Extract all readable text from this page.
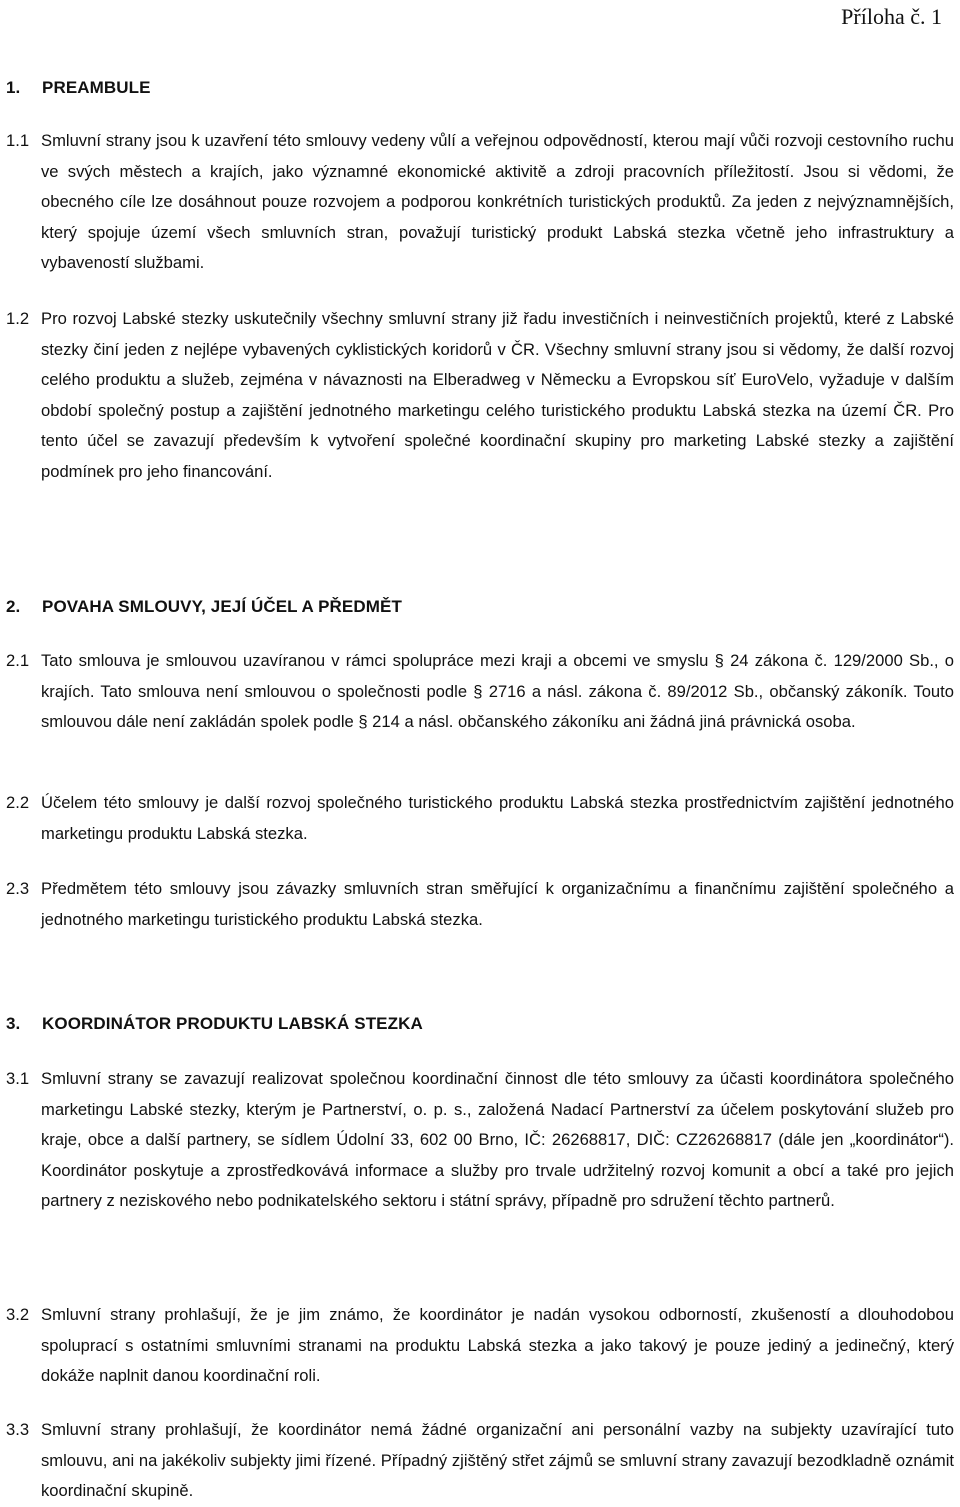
Příloha č. 1
1. PREAMBULE
1.1 Smluvní strany jsou k uzavření této smlouvy vedeny vůlí a veřejnou odpovědností, kterou mají vůči rozvoji cestovního ruchu ve svých městech a krajích, jako významné ekonomické aktivitě a zdroji pracovních příležitostí. Jsou si vědomi, že obecného cíle lze dosáhnout pouze rozvojem a podporou konkrétních turistických produktů. Za jeden z nejvýznamnějších, který spojuje území všech smluvních stran, považují turistický produkt Labská stezka včetně jeho infrastruktury a vybaveností službami.
1.2 Pro rozvoj Labské stezky uskutečnily všechny smluvní strany již řadu investičních i neinvestičních projektů, které z Labské stezky činí jeden z nejlépe vybavených cyklistických koridorů v ČR. Všechny smluvní strany jsou si vědomy, že další rozvoj celého produktu a služeb, zejména v návaznosti na Elberadweg v Německu a Evropskou síť EuroVelo, vyžaduje v dalším období společný postup a zajištění jednotného marketingu celého turistického produktu Labská stezka na území ČR. Pro tento účel se zavazují především k vytvoření společné koordinační skupiny pro marketing Labské stezky a zajištění podmínek pro jeho financování.
2. POVAHA SMLOUVY, JEJÍ ÚČEL A PŘEDMĚT
2.1 Tato smlouva je smlouvou uzavíranou v rámci spolupráce mezi kraji a obcemi ve smyslu § 24 zákona č. 129/2000 Sb., o krajích. Tato smlouva není smlouvou o společnosti podle § 2716 a násl. zákona č. 89/2012 Sb., občanský zákoník. Touto smlouvou dále není zakládán spolek podle § 214 a násl. občanského zákoníku ani žádná jiná právnická osoba.
2.2 Účelem této smlouvy je další rozvoj společného turistického produktu Labská stezka prostřednictvím zajištění jednotného marketingu produktu Labská stezka.
2.3 Předmětem této smlouvy jsou závazky smluvních stran směřující k organizačnímu a finančnímu zajištění společného a jednotného marketingu turistického produktu Labská stezka.
3. KOORDINÁTOR PRODUKTU LABSKÁ STEZKA
3.1 Smluvní strany se zavazují realizovat společnou koordinační činnost dle této smlouvy za účasti koordinátora společného marketingu Labské stezky, kterým je Partnerství, o. p. s., založená Nadací Partnerství za účelem poskytování služeb pro kraje, obce a další partnery, se sídlem Údolní 33, 602 00 Brno, IČ: 26268817, DIČ: CZ26268817 (dále jen „koordinátor“). Koordinátor poskytuje a zprostředkovává informace a služby pro trvale udržitelný rozvoj komunit a obcí a také pro jejich partnery z neziskového nebo podnikatelského sektoru i státní správy, případně pro sdružení těchto partnerů.
3.2 Smluvní strany prohlašují, že je jim známo, že koordinátor je nadán vysokou odborností, zkušeností a dlouhodobou spoluprací s ostatními smluvními stranami na produktu Labská stezka a jako takový je pouze jediný a jedinečný, který dokáže naplnit danou koordinační roli.
3.3 Smluvní strany prohlašují, že koordinátor nemá žádné organizační ani personální vazby na subjekty uzavírající tuto smlouvu, ani na jakékoliv subjekty jimi řízené. Případný zjištěný střet zájmů se smluvní strany zavazují bezodkladně oznámit koordinační skupině.
